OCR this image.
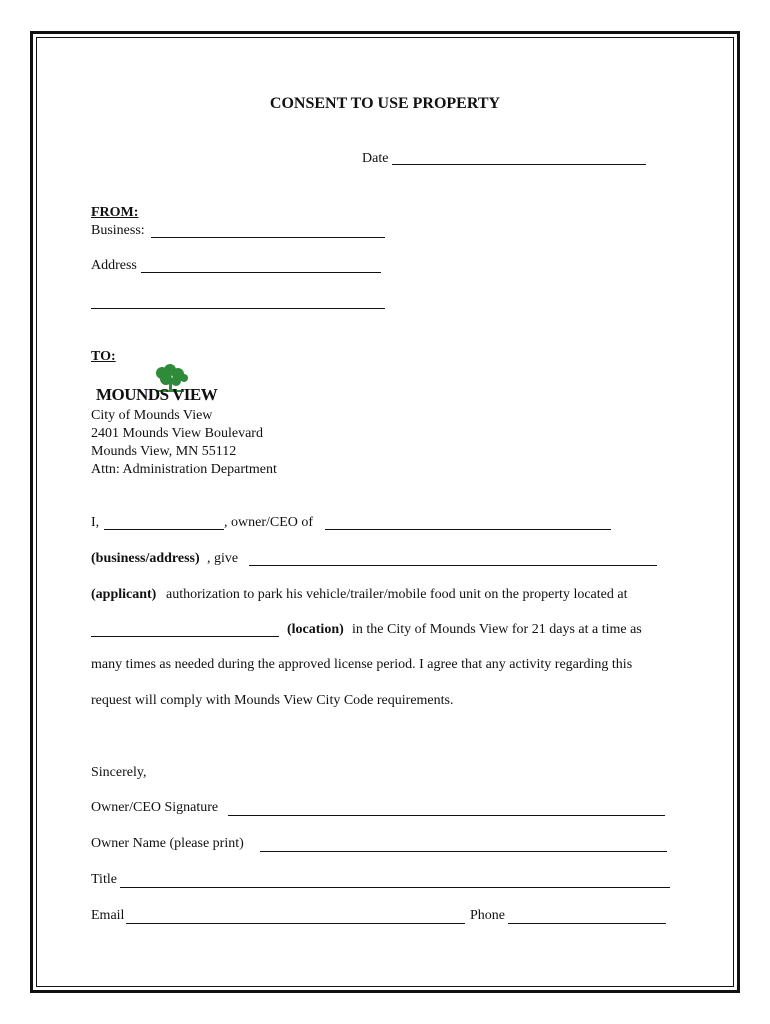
CONSENT TO USE PROPERTY
Date
FROM:
Business:
Address
TO:
MOUNDS VIEW
City of Mounds View
2401 Mounds View Boulevard
Mounds View, MN 55112
Attn: Administration Department
I,	, owner/CEO of
(business/address) , give
(applicant) authorization to park his vehicle/trailer/mobile food unit on the property located at
(location) in the City of Mounds View for 21 days at a time as
many times as needed during the approved license period. I agree that any activity regarding this
request will comply with Mounds View City Code requirements.
Sincerely,
Owner/CEO Signature
Owner Name (please print)
Title
Email	Phone
